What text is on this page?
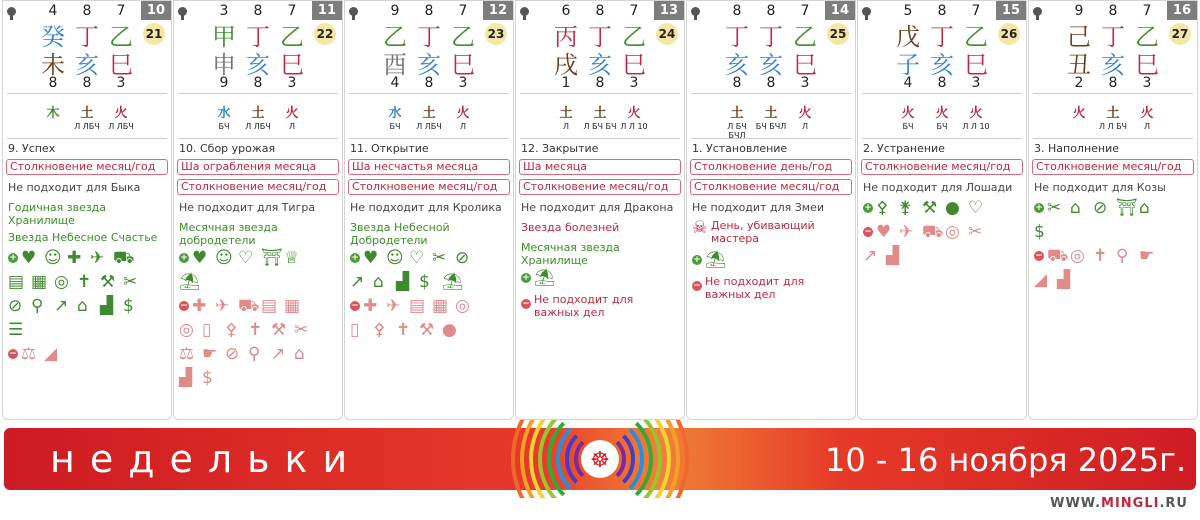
10
21
4
癸
未
8
木
8
丁
亥
8
土
Л ЛБЧ
7
乙
巳
3
火
Л ЛБЧ
9. Успех
Столкновение месяц/год
Не подходит для Быка
Годичная звезда Хранилище
Звезда Небесное Счастье
+ ♥ ☺ ✚ ✈ ⛟
▤ ▦ ◎ ✝ ⚒ ✂
⊘ ⚲ ↗ ⌂ ▟ $
☰
− ⚖ ◢
11
22
3
甲
申
9
水
БЧ
8
丁
亥
8
土
Л ЛБЧ
7
乙
巳
3
火
Л
10. Сбор урожая
Ша ограбления месяца
Столкновение месяц/год
Не подходит для Тигра
Месячная звезда добродетели
+ ♥ ☺ ♡ ⛩ ♕
⛱
− ✚ ✈ ⛟ ▤ ▦
◎ ▯ ⚴ ✝ ⚒ ✂
⚖ ☛ ⊘ ⚲ ↗ ⌂
▟ $
12
23
9
乙
酉
4
水
БЧ
8
丁
亥
8
土
Л ЛБЧ
7
乙
巳
3
火
Л
11. Открытие
Ша несчастья месяца
Столкновение месяц/год
Не подходит для Кролика
Звезда Небесной Добродетели
+ ♥ ☺ ♡ ✂ ⊘
↗ ⌂ ▟ $ ⛱
− ✚ ✈ ▤ ▦ ◎
▯ ⚴ ✝ ⚒ ●
13
24
6
丙
戌
1
土
Л
8
丁
亥
8
土
Л БЧ БЧ
7
乙
巳
3
火
Л Л 10
12. Закрытие
Ша месяца
Столкновение месяц/год
Не подходит для Дракона
Звезда болезней
Месячная звезда Хранилище
+ ⛱
− Не подходит для важных дел
14
25
8
丁
亥
8
土
Л БЧ БЧЛ
8
丁
亥
8
土
БЧ БЧЛ
7
乙
巳
3
火
Л
1. Установление
Столкновение день/год
Столкновение месяц/год
Не подходит для Змеи
☠ День, убивающий мастера
+ ⛱
− Не подходит для важных дел
15
26
5
戊
子
4
火
БЧ
8
丁
亥
8
火
БЧ
7
乙
巳
3
火
Л Л 10
2. Устранение
Столкновение месяц/год
Не подходит для Лошади
+ ⚴ ⚵ ⚒ ● ♡
− ♥ ✈ ⛟ ◎ ✂
↗ ▟
16
27
9
己
丑
2
火
8
丁
亥
8
土
Л Л БЧ
7
乙
巳
3
火
Л
3. Наполнение
Столкновение месяц/год
Не подходит для Козы
+ ✂ ⌂ ⊘ ⛩ ⌂
$
− ⛟ ◎ ✝ ⚲ ☛
◢ ▟
☸
недельки	10 - 16 ноября 2025г.
WWW.MINGLI.RU
